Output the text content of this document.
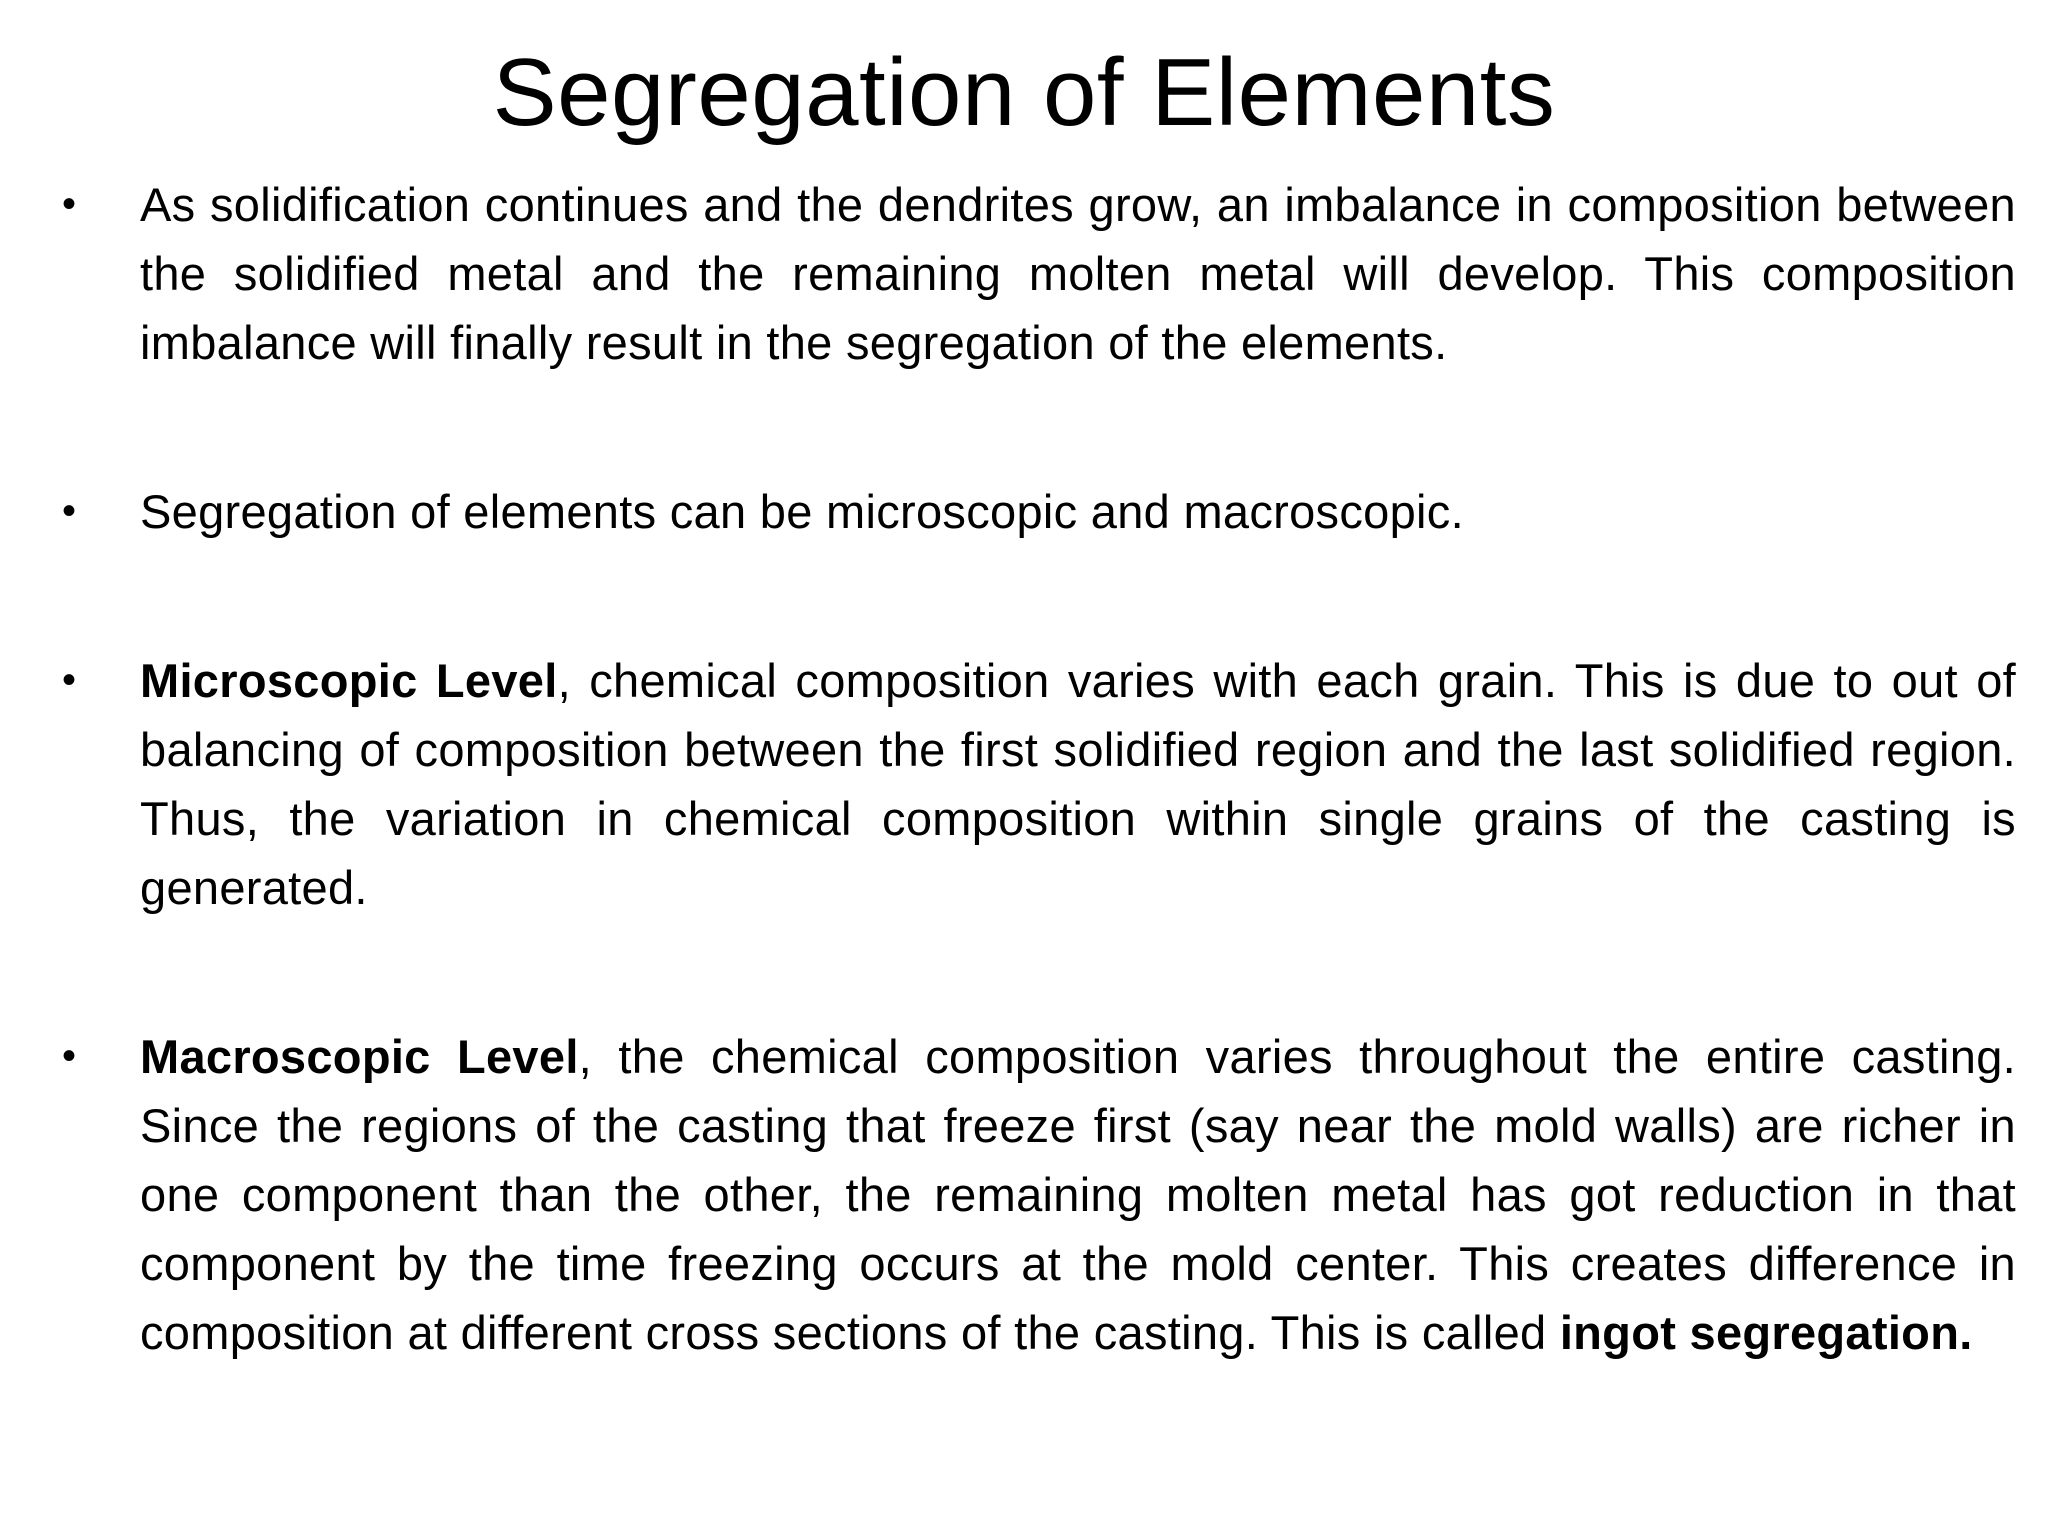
Segregation of Elements
•	As solidification continues and the dendrites grow, an imbalance in composition between the solidified metal and the remaining molten metal will develop. This composition imbalance will finally result in the segregation of the elements.
•	Segregation of elements can be microscopic and macroscopic.
•	Microscopic Level, chemical composition varies with each grain. This is due to out of balancing of composition between the first solidified region and the last solidified region. Thus, the variation in chemical composition within single grains of the casting is generated.
•	Macroscopic Level, the chemical composition varies throughout the entire casting. Since the regions of the casting that freeze first (say near the mold walls) are richer in one component than the other, the remaining molten metal has got reduction in that component by the time freezing occurs at the mold center. This creates difference in composition at different cross sections of the casting. This is called ingot segregation.
